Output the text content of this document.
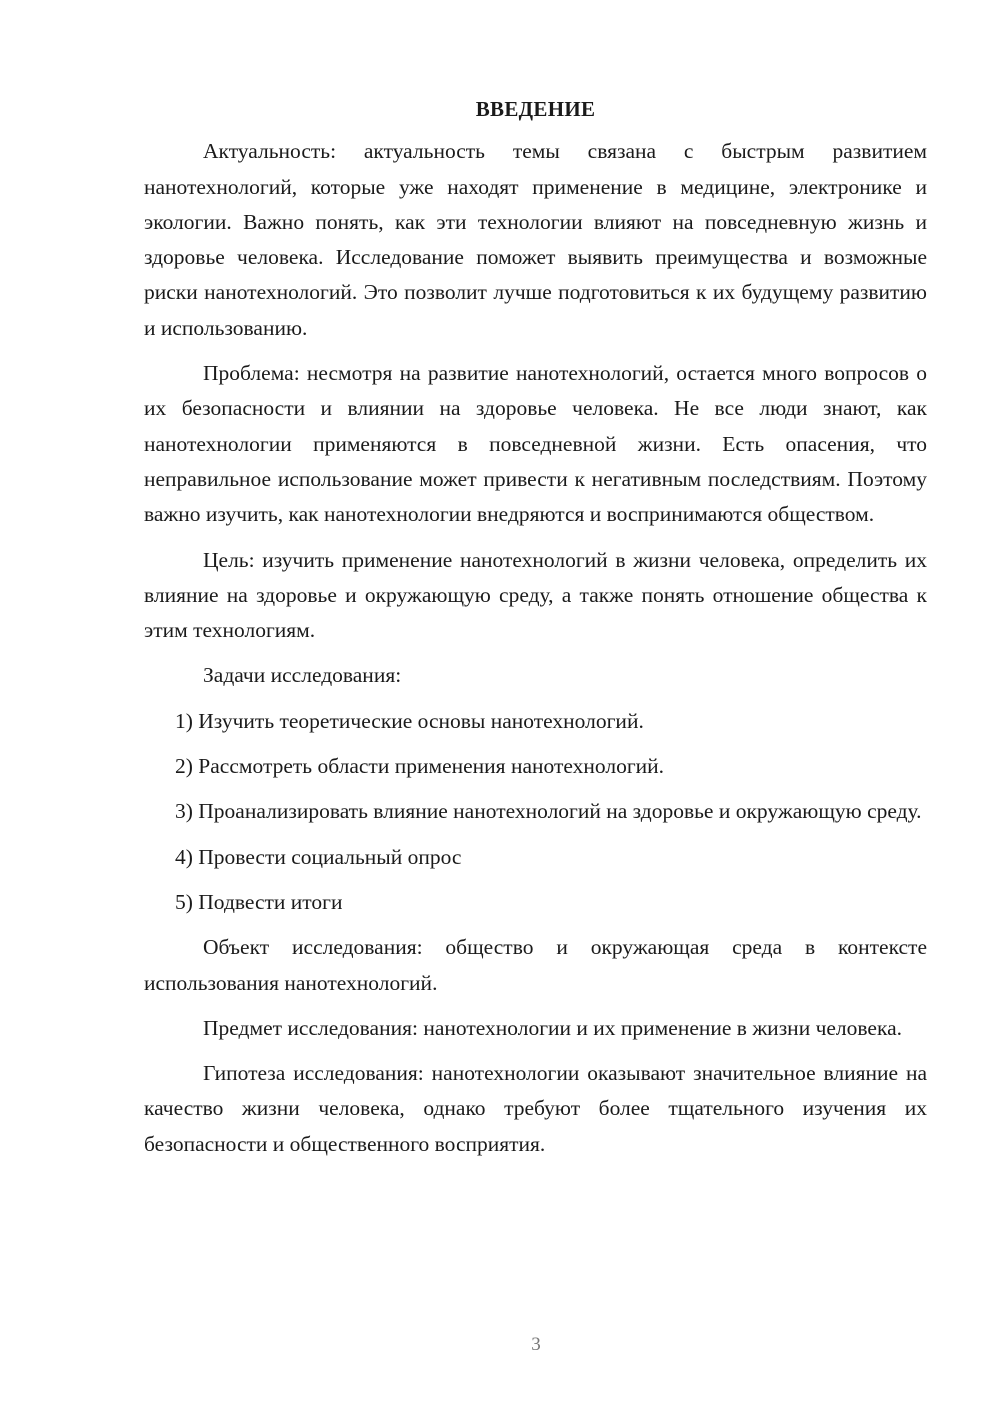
ВВЕДЕНИЕ

Актуальность: актуальность темы связана с быстрым развитием нанотехнологий, которые уже находят применение в медицине, электронике и экологии. Важно понять, как эти технологии влияют на повседневную жизнь и здоровье человека. Исследование поможет выявить преимущества и возможные риски нанотехнологий. Это позволит лучше подготовиться к их будущему развитию и использованию.

Проблема: несмотря на развитие нанотехнологий, остается много вопросов о их безопасности и влиянии на здоровье человека. Не все люди знают, как нанотехнологии применяются в повседневной жизни. Есть опасения, что неправильное использование может привести к негативным последствиям. Поэтому важно изучить, как нанотехнологии внедряются и воспринимаются обществом.

Цель: изучить применение нанотехнологий в жизни человека, определить их влияние на здоровье и окружающую среду, а также понять отношение общества к этим технологиям.

Задачи исследования:

1) Изучить теоретические основы нанотехнологий.

2) Рассмотреть области применения нанотехнологий.

3) Проанализировать влияние нанотехнологий на здоровье и окружающую среду.

4) Провести социальный опрос

5) Подвести итоги

Объект исследования: общество и окружающая среда в контексте использования нанотехнологий.

Предмет исследования: нанотехнологии и их применение в жизни человека.

Гипотеза исследования: нанотехнологии оказывают значительное влияние на качество жизни человека, однако требуют более тщательного изучения их безопасности и общественного восприятия.

3
